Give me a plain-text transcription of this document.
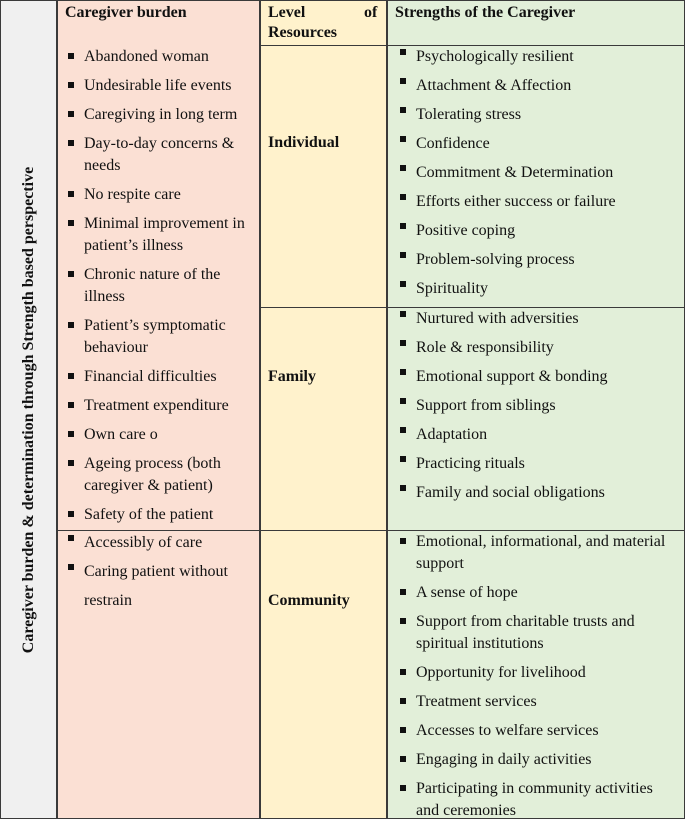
Caregiver burden & determination through Strength based perspective
Caregiver burden	Level	of
Resources
Strengths of the Caregiver
Individual
Family
Community
Abandoned woman
Undesirable life events
Caregiving in long term
Day-to-day concerns & needs
No respite care
Minimal improvement in patient’s illness
Chronic nature of the illness
Patient’s symptomatic behaviour
Financial difficulties
Treatment expenditure
Own care o
Ageing process (both caregiver & patient)
Safety of the patient
Accessibly of care
Caring patient without restrain
Psychologically resilient
Attachment & Affection
Tolerating stress
Confidence
Commitment & Determination
Efforts either success or failure
Positive coping
Problem-solving process
Spirituality
Nurtured with adversities
Role & responsibility
Emotional support & bonding
Support from siblings
Adaptation
Practicing rituals
Family and social obligations
Emotional, informational, and material support
A sense of hope
Support from charitable trusts and spiritual institutions
Opportunity for livelihood
Treatment services
Accesses to welfare services
Engaging in daily activities
Participating in community activities and ceremonies
